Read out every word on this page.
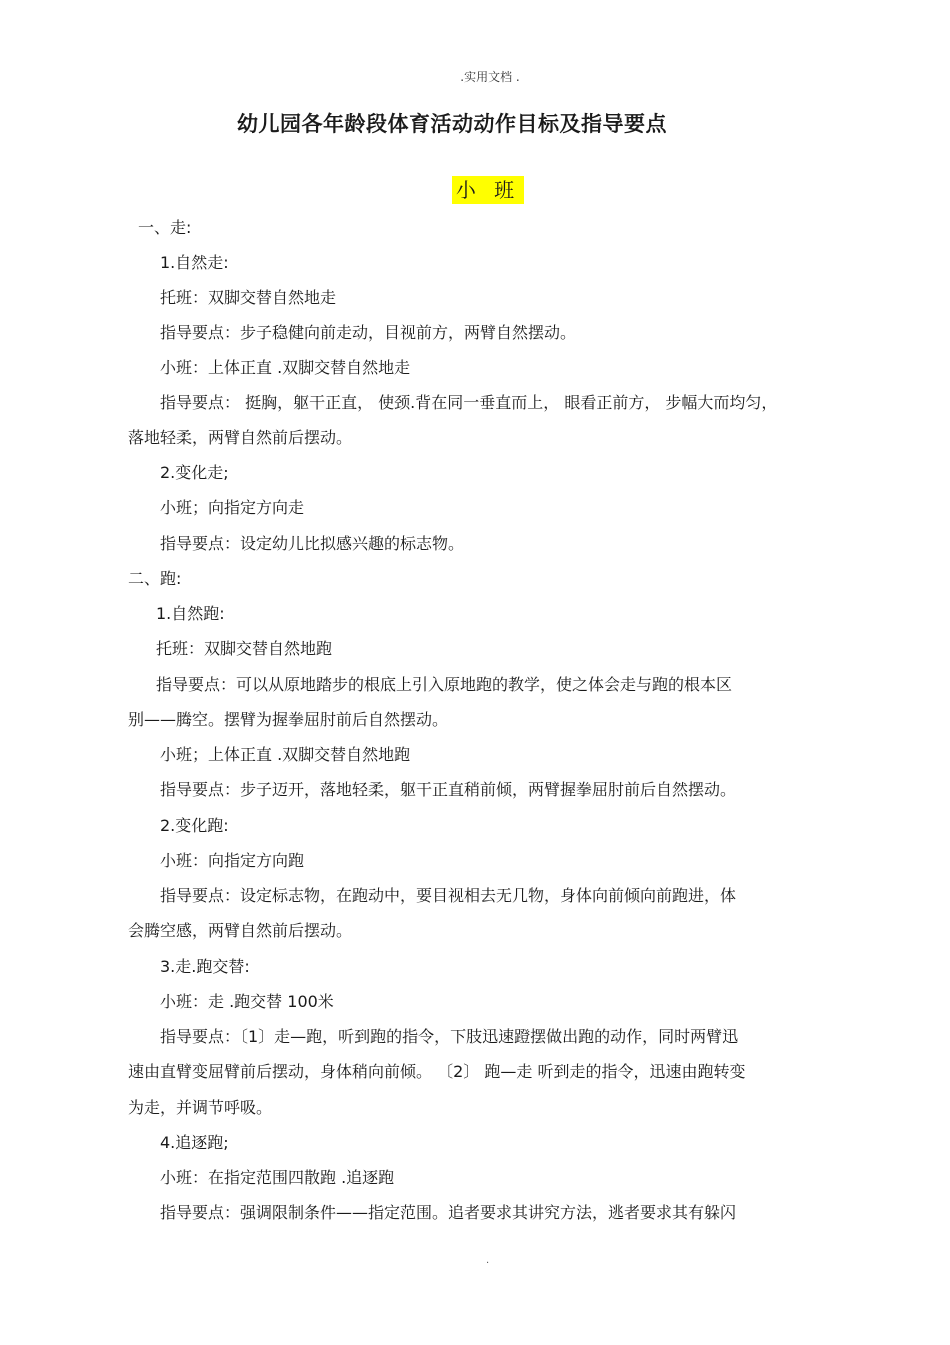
.实用文档 .
幼儿园各年龄段体育活动动作目标及指导要点
小 班
一、走:
1.自然走:
托班：双脚交替自然地走
指导要点：步子稳健向前走动，目视前方，两臂自然摆动。
小班：上体正直 .双脚交替自然地走
指导要点： 挺胸，躯干正直， 使颈.背在同一垂直而上， 眼看正前方， 步幅大而均匀，
落地轻柔，两臂自然前后摆动。
2.变化走;
小班；向指定方向走
指导要点：设定幼儿比拟感兴趣的标志物。
二、跑:
1.自然跑:
托班：双脚交替自然地跑
指导要点：可以从原地踏步的根底上引入原地跑的教学，使之体会走与跑的根本区
别——腾空。摆臂为握拳屈肘前后自然摆动。
小班；上体正直 .双脚交替自然地跑
指导要点：步子迈开，落地轻柔，躯干正直稍前倾，两臂握拳屈肘前后自然摆动。
2.变化跑:
小班：向指定方向跑
指导要点：设定标志物，在跑动中，要目视相去无几物，身体向前倾向前跑进，体
会腾空感，两臂自然前后摆动。
3.走.跑交替:
小班：走 .跑交替 100米
指导要点：〔1〕走—跑，听到跑的指令，下肢迅速蹬摆做出跑的动作，同时两臂迅
速由直臂变屈臂前后摆动，身体稍向前倾。 〔2〕 跑—走 听到走的指令，迅速由跑转变
为走，并调节呼吸。
4.追逐跑;
小班：在指定范围四散跑 .追逐跑
指导要点：强调限制条件——指定范围。追者要求其讲究方法，逃者要求其有躲闪
.
